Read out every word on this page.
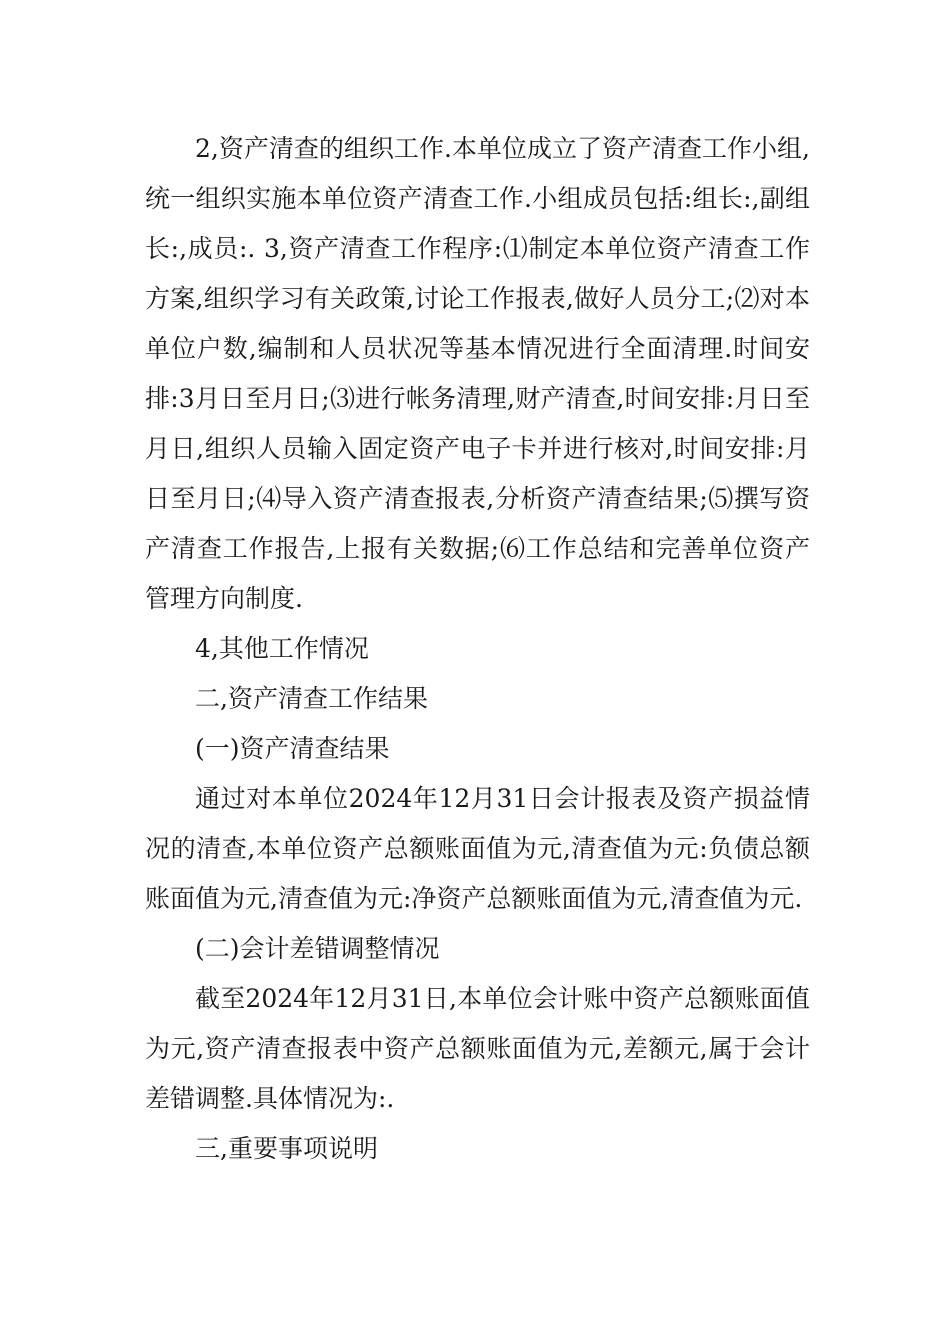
2,资产清查的组织工作.本单位成立了资产清查工作小组,统一组织实施本单位资产清查工作.小组成员包括:组长:,副组长:,成员:. 3,资产清查工作程序:⑴制定本单位资产清查工作方案,组织学习有关政策,讨论工作报表,做好人员分工;⑵对本单位户数,编制和人员状况等基本情况进行全面清理.时间安排:3月日至月日;⑶进行帐务清理,财产清查,时间安排:月日至月日,组织人员输入固定资产电子卡并进行核对,时间安排:月日至月日;⑷导入资产清查报表,分析资产清查结果;⑸撰写资产清查工作报告,上报有关数据;⑹工作总结和完善单位资产管理方向制度.

4,其他工作情况

二,资产清查工作结果

(一)资产清查结果

通过对本单位2024年12月31日会计报表及资产损益情况的清查,本单位资产总额账面值为元,清查值为元:负债总额账面值为元,清查值为元:净资产总额账面值为元,清查值为元.

(二)会计差错调整情况

截至2024年12月31日,本单位会计账中资产总额账面值为元,资产清查报表中资产总额账面值为元,差额元,属于会计差错调整.具体情况为:.

三,重要事项说明
